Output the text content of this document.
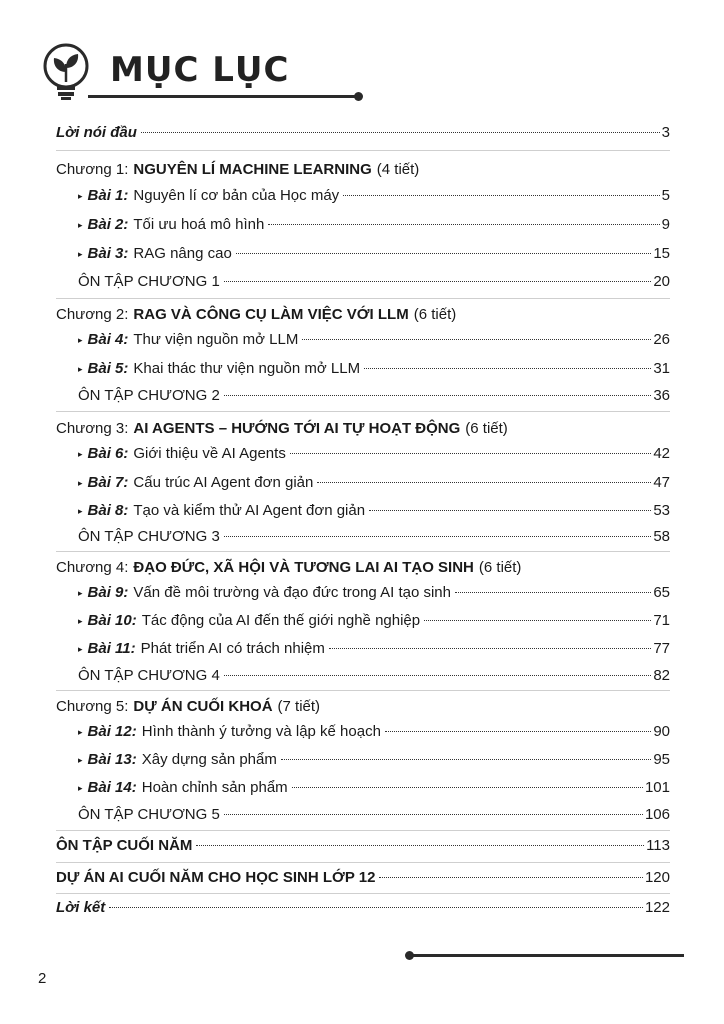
MỤC LỤC
Lời nói đầu	3
Chương 1: NGUYÊN LÍ MACHINE LEARNING (4 tiết)
▸ Bài 1: Nguyên lí cơ bản của Học máy	5
▸ Bài 2: Tối ưu hoá mô hình	9
▸ Bài 3: RAG nâng cao	15
ÔN TẬP CHƯƠNG 1	20
Chương 2: RAG VÀ CÔNG CỤ LÀM VIỆC VỚI LLM (6 tiết)
▸ Bài 4: Thư viện nguồn mở LLM	26
▸ Bài 5: Khai thác thư viện nguồn mở LLM	31
ÔN TẬP CHƯƠNG 2	36
Chương 3: AI AGENTS – HƯỚNG TỚI AI TỰ HOẠT ĐỘNG (6 tiết)
▸ Bài 6: Giới thiệu về AI Agents	42
▸ Bài 7: Cấu trúc AI Agent đơn giản	47
▸ Bài 8: Tạo và kiểm thử AI Agent đơn giản	53
ÔN TẬP CHƯƠNG 3	58
Chương 4: ĐẠO ĐỨC, XÃ HỘI VÀ TƯƠNG LAI AI TẠO SINH (6 tiết)
▸ Bài 9: Vấn đề môi trường và đạo đức trong AI tạo sinh	65
▸ Bài 10: Tác động của AI đến thế giới nghề nghiệp	71
▸ Bài 11: Phát triển AI có trách nhiệm	77
ÔN TẬP CHƯƠNG 4	82
Chương 5: DỰ ÁN CUỐI KHOÁ (7 tiết)
▸ Bài 12: Hình thành ý tưởng và lập kế hoạch	90
▸ Bài 13: Xây dựng sản phẩm	95
▸ Bài 14: Hoàn chỉnh sản phẩm	101
ÔN TẬP CHƯƠNG 5	106
ÔN TẬP CUỐI NĂM	113
DỰ ÁN AI CUỐI NĂM CHO HỌC SINH LỚP 12	120
Lời kết	122
2
